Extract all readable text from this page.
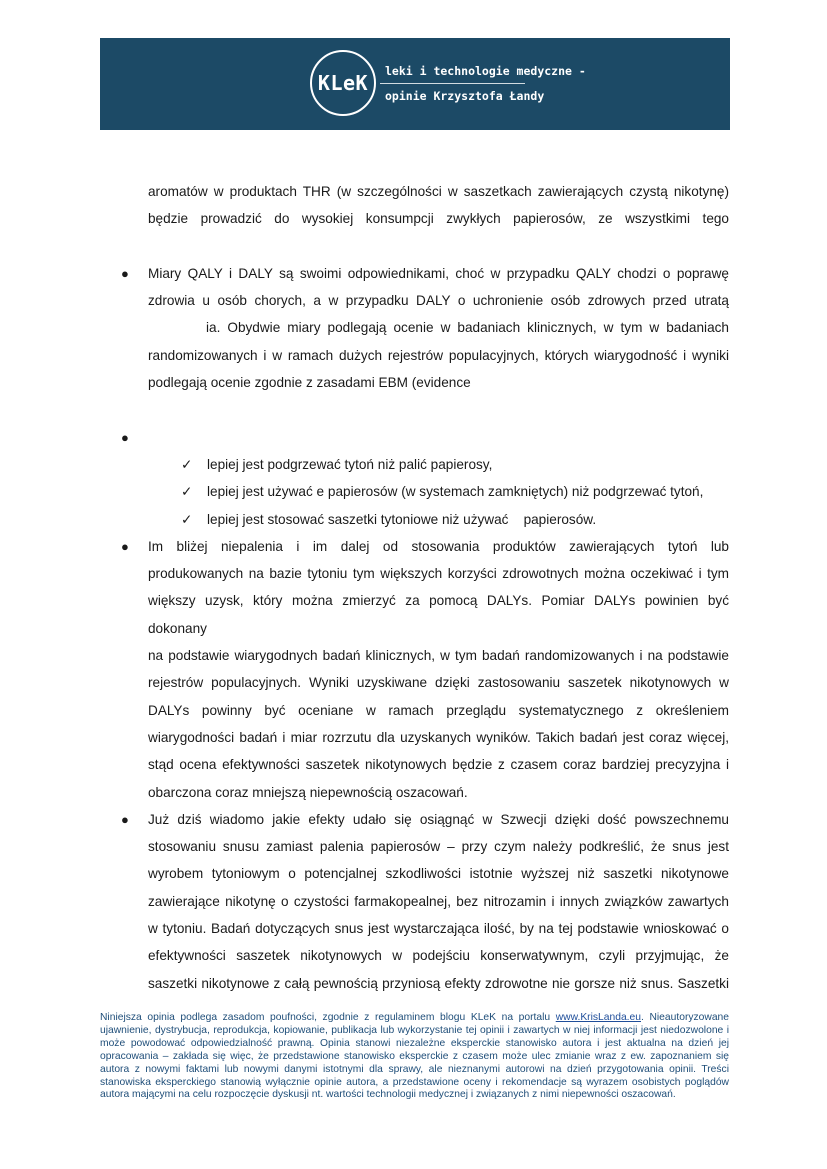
KLeK leki i technologie medyczne -
opinie Krzysztofa Łandy
aromatów w produktach THR (w szczególności w saszetkach zawierających czystą nikotynę)
będzie prowadzić do wysokiej konsumpcji zwykłych papierosów, ze wszystkimi tego
● Miary QALY i DALY są swoimi odpowiednikami, choć w przypadku QALY chodzi o poprawę
zdrowia u osób chorych, a w przypadku DALY o uchronienie osób zdrowych przed utratą
ia. Obydwie miary podlegają ocenie w badaniach klinicznych, w tym w badaniach
randomizowanych i w ramach dużych rejestrów populacyjnych, których wiarygodność i wyniki
podlegają ocenie zgodnie z zasadami EBM (evidence
●

✓ lepiej jest podgrzewać tytoń niż palić papierosy,
✓ lepiej jest używać e papierosów (w systemach zamkniętych) niż podgrzewać tytoń,
✓ lepiej jest stosować saszetki tytoniowe niż używać    papierosów.
● Im bliżej niepalenia i im dalej od stosowania produktów zawierających tytoń lub
produkowanych na bazie tytoniu tym większych korzyści zdrowotnych można oczekiwać i tym
większy uzysk, który można zmierzyć za pomocą DALYs. Pomiar DALYs powinien być dokonany
na podstawie wiarygodnych badań klinicznych, w tym badań randomizowanych i na podstawie
rejestrów populacyjnych. Wyniki uzyskiwane dzięki zastosowaniu saszetek nikotynowych w
DALYs powinny być oceniane w ramach przeglądu systematycznego z określeniem
wiarygodności badań i miar rozrzutu dla uzyskanych wyników. Takich badań jest coraz więcej,
stąd ocena efektywności saszetek nikotynowych będzie z czasem coraz bardziej precyzyjna i
obarczona coraz mniejszą niepewnością oszacowań.
● Już dziś wiadomo jakie efekty udało się osiągnąć w Szwecji dzięki dość powszechnemu
stosowaniu snusu zamiast palenia papierosów – przy czym należy podkreślić, że snus jest
wyrobem tytoniowym o potencjalnej szkodliwości istotnie wyższej niż saszetki nikotynowe
zawierające nikotynę o czystości farmakopealnej, bez nitrozamin i innych związków zawartych
w tytoniu. Badań dotyczących snus jest wystarczająca ilość, by na tej podstawie wnioskować o
efektywności saszetek nikotynowych w podejściu konserwatywnym, czyli przyjmując, że
saszetki nikotynowe z całą pewnością przyniosą efekty zdrowotne nie gorsze niż snus. Saszetki
Niniejsza opinia podlega zasadom poufności, zgodnie z regulaminem blogu KLeK na portalu www.KrisLanda.eu. Nieautoryzowane ujawnienie, dystrybucja, reprodukcja, kopiowanie, publikacja lub wykorzystanie tej opinii i zawartych w niej informacji jest niedozwolone i może powodować odpowiedzialność prawną. Opinia stanowi niezależne eksperckie stanowisko autora i jest aktualna na dzień jej opracowania – zakłada się więc, że przedstawione stanowisko eksperckie z czasem może ulec zmianie wraz z ew. zapoznaniem się autora z nowymi faktami lub nowymi danymi istotnymi dla sprawy, ale nieznanymi autorowi na dzień przygotowania opinii. Treści stanowiska eksperckiego stanowią wyłącznie opinie autora, a przedstawione oceny i rekomendacje są wyrazem osobistych poglądów autora mającymi na celu rozpoczęcie dyskusji nt. wartości technologii medycznej i związanych z nimi niepewności oszacowań.
